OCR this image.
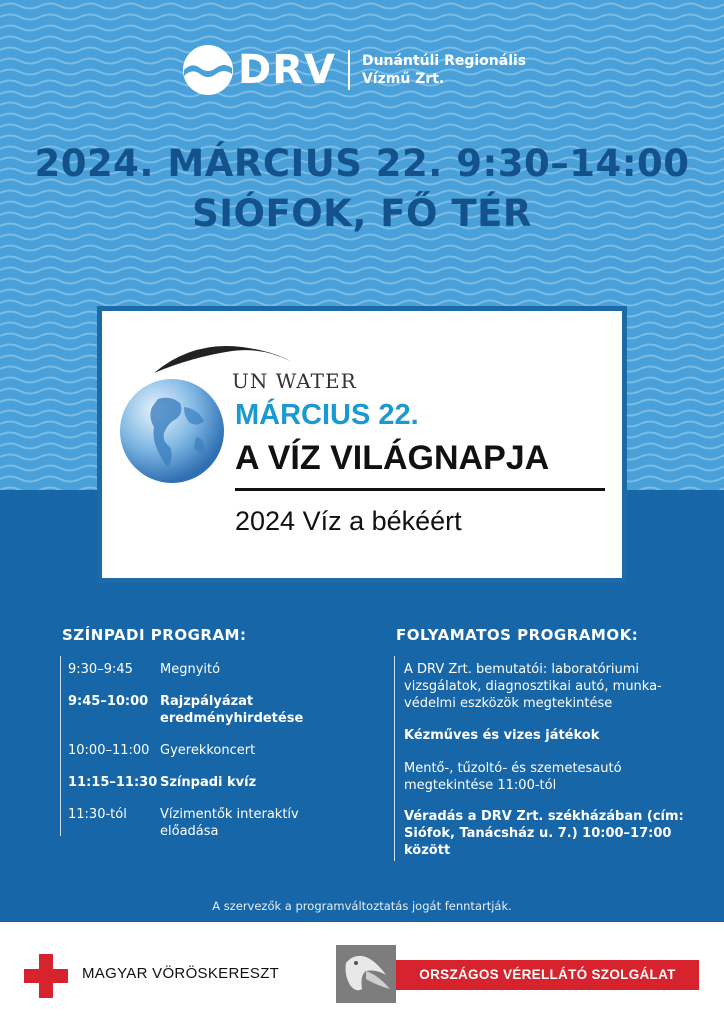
DRV Dunántúli Regionális
Vízmű Zrt.
2024. MÁRCIUS 22. 9:30–14:00
SIÓFOK, FŐ TÉR
UN WATER
MÁRCIUS 22.
A VÍZ VILÁGNAPJA
2024 Víz a békéért
SZÍNPADI PROGRAM:
9:30–9:45 Megnyitó
9:45–10:00 Rajzpályázat eredményhirdetése
10:00–11:00 Gyerekkoncert
11:15–11:30 Színpadi kvíz
11:30-tól	Vízimentők interaktív előadása
FOLYAMATOS PROGRAMOK:
A DRV Zrt. bemutatói: laboratóriumi vizsgálatok, diagnosztikai autó, munka-védelmi eszközök megtekintése
Kézműves és vizes játékok
Mentő-, tűzoltó- és szemetesautó megtekintése 11:00-tól
Véradás a DRV Zrt. székházában (cím: Siófok, Tanácsház u. 7.) 10:00–17:00 között
A szervezők a programváltoztatás jogát fenntartják.
MAGYAR VÖRÖSKERESZT	ORSZÁGOS VÉRELLÁTÓ SZOLGÁLAT
